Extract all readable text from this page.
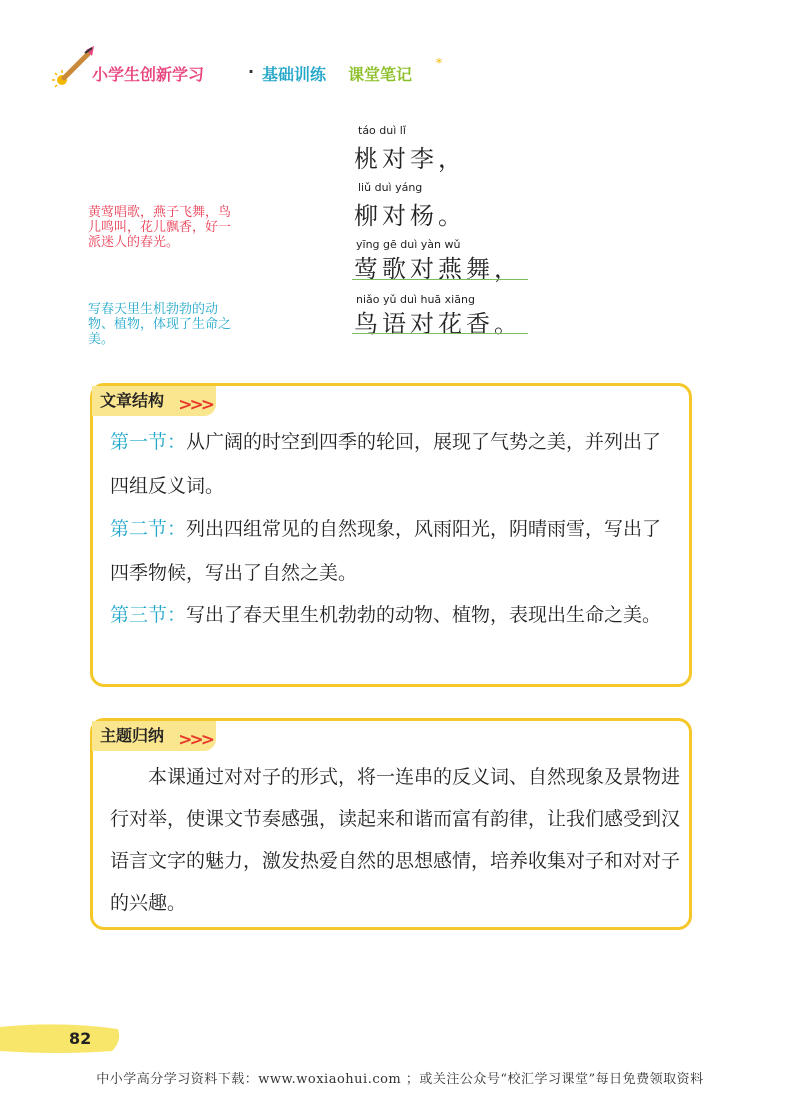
小学生创新学习	· 基础训练 课堂笔记
*
táo duì lǐ
桃对李，
liǔ duì yáng
柳对杨。
yīng gē duì yàn wǔ
莺歌对燕舞，
niǎo yǔ duì huā xiāng
鸟语对花香。
黄莺唱歌，燕子飞舞，鸟儿鸣叫，花儿飘香，好一派迷人的春光。
写春天里生机勃勃的动物、植物，体现了生命之美。
文章结构 >>>
第一节：从广阔的时空到四季的轮回，展现了气势之美，并列出了四组反义词。
第二节：列出四组常见的自然现象，风雨阳光，阴晴雨雪，写出了四季物候，写出了自然之美。
第三节：写出了春天里生机勃勃的动物、植物，表现出生命之美。
主题归纳 >>>
本课通过对对子的形式，将一连串的反义词、自然现象及景物进行对举，使课文节奏感强，读起来和谐而富有韵律，让我们感受到汉语言文字的魅力，激发热爱自然的思想感情，培养收集对子和对对子的兴趣。
82
中小学高分学习资料下载：www.woxiaohui.com ；或关注公众号“校汇学习课堂”每日免费领取资料
